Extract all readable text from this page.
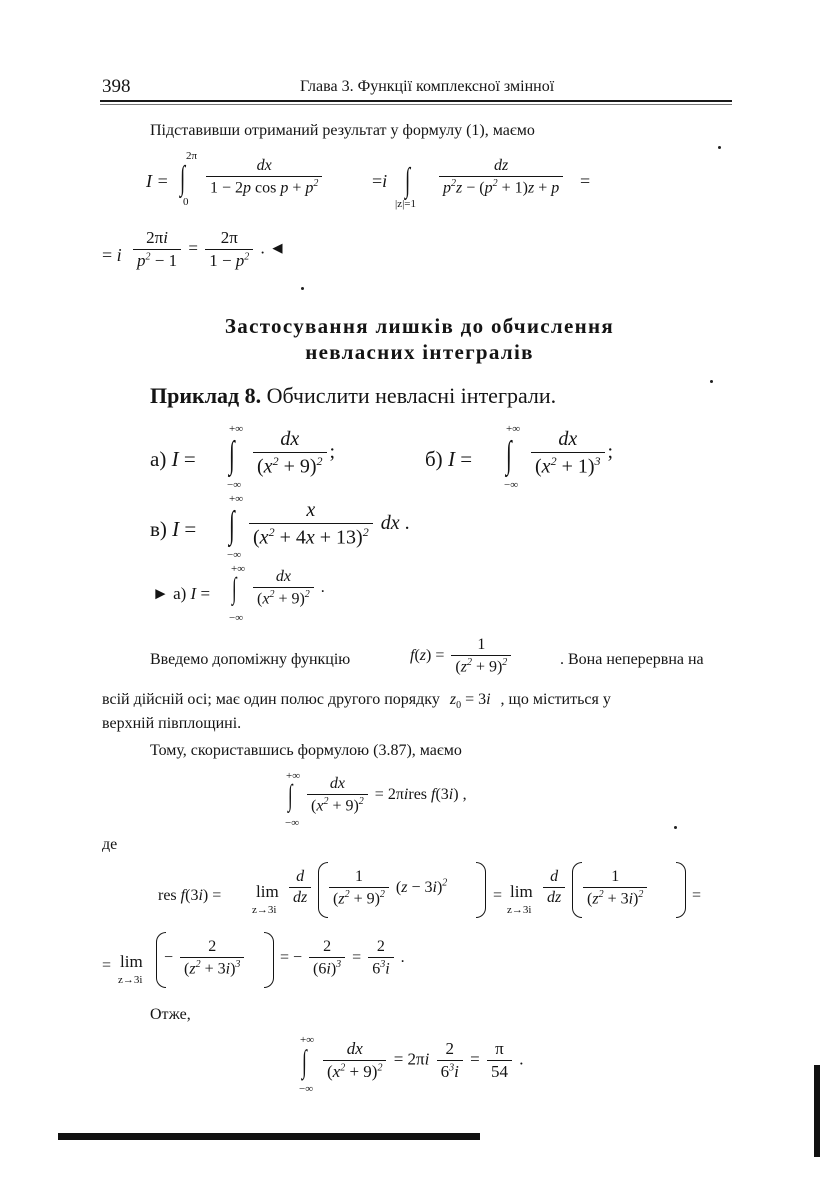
398	Глава 3. Функції комплексної змінної
Підставивши отриманий результат у формулу (1), маємо
I =
2π
∫
0
$\frac{dx}{1 - 2p \cos p + p^2}$	=i ∫
|z|=1
$\frac{dz}{p^2z - (p^2 + 1)z + p}$ =
= i $\frac{2\pi i}{p^2 - 1} = \frac{2\pi}{1 - p^2}$ . ◄
Застосування лишків до обчислення
невласних інтегралів
Приклад 8. Обчислити невласні інтеграли.
а) I =
+∞
∫
−∞
$\frac{dx}{(x^2 + 9)^2}$ ;	б) I =
+∞
∫
−∞
$\frac{dx}{(x^2 + 1)^3}$ ;
в) I =
+∞
∫
−∞
$\frac{x}{(x^2 + 4x + 13)^2}$ dx .
► а) I =
+∞
∫
−∞
$\frac{dx}{(x^2 + 9)^2}$ .
Введемо допоміжну функцію	$f(z) = \frac{1}{(z^2 + 9)^2}$	. Вона неперервна на
всій дійсній осі; має один полюс другого порядку $z_0 = 3i$ , що міститься у
верхній півплощині.
Тому, скориставшись формулою (3.87), маємо
+∞
∫
−∞
$\frac{dx}{(x^2 + 9)^2}$ = 2πires f(3i) ,
де
res f(3i) = lim
z→3i
$\frac{d}{dz} \frac{1}{(z^2 + 9)^2} (z - 3i)^2$
= lim
z→3i
$\frac{d}{dz} \frac{1}{(z^2 + 3i)^2}$	=
= lim
z→3i
− $\frac{2}{(z^2 + 3i)^3}$ = − $\frac{2}{(6i)^3} = \frac{2}{6^3i}$ .
Отже,
+∞
∫
−∞
$\frac{dx}{(x^2 + 9)^2} = 2\pi i \frac{2}{6^3i} = \frac{\pi}{54}$ .
